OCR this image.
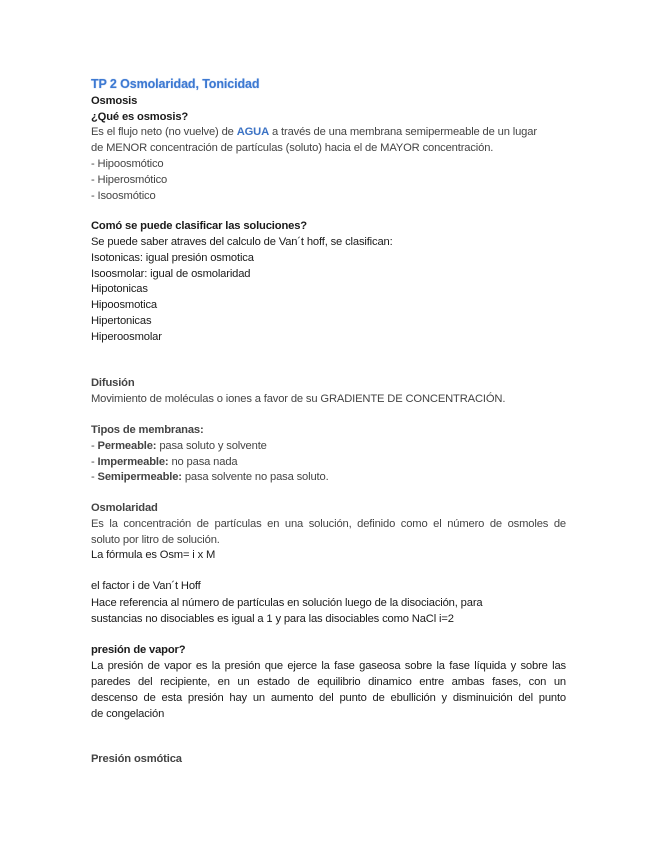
TP 2 Osmolaridad, Tonicidad
Osmosis
¿Qué es osmosis?
Es el flujo neto (no vuelve) de AGUA a través de una membrana semipermeable de un lugar
de MENOR concentración de partículas (soluto) hacia el de MAYOR concentración.
- Hipoosmótico
- Hiperosmótico
- Isoosmótico
Comó se puede clasificar las soluciones?
Se puede saber atraves del calculo de Van´t hoff, se clasifican:
Isotonicas: igual presión osmotica
Isoosmolar: igual de osmolaridad
Hipotonicas
Hipoosmotica
Hipertonicas
Hiperoosmolar
Difusión
Movimiento de moléculas o iones a favor de su GRADIENTE DE CONCENTRACIÓN.
Tipos de membranas:
- Permeable: pasa soluto y solvente
- Impermeable: no pasa nada
- Semipermeable: pasa solvente no pasa soluto.
Osmolaridad
Es la concentración de partículas en una solución, definido como el número de osmoles de
soluto por litro de solución.
La fórmula es Osm= i x M
el factor i de Van´t Hoff
Hace referencia al número de partículas en solución luego de la disociación, para
sustancias no disociables es igual a 1 y para las disociables como NaCl i=2
presión de vapor?
La presión de vapor es la presión que ejerce la fase gaseosa sobre la fase líquida y sobre las
paredes del recipiente, en un estado de equilibrio dinamico entre ambas fases, con un
descenso de esta presión hay un aumento del punto de ebullición y disminuición del punto
de congelación
Presión osmótica
